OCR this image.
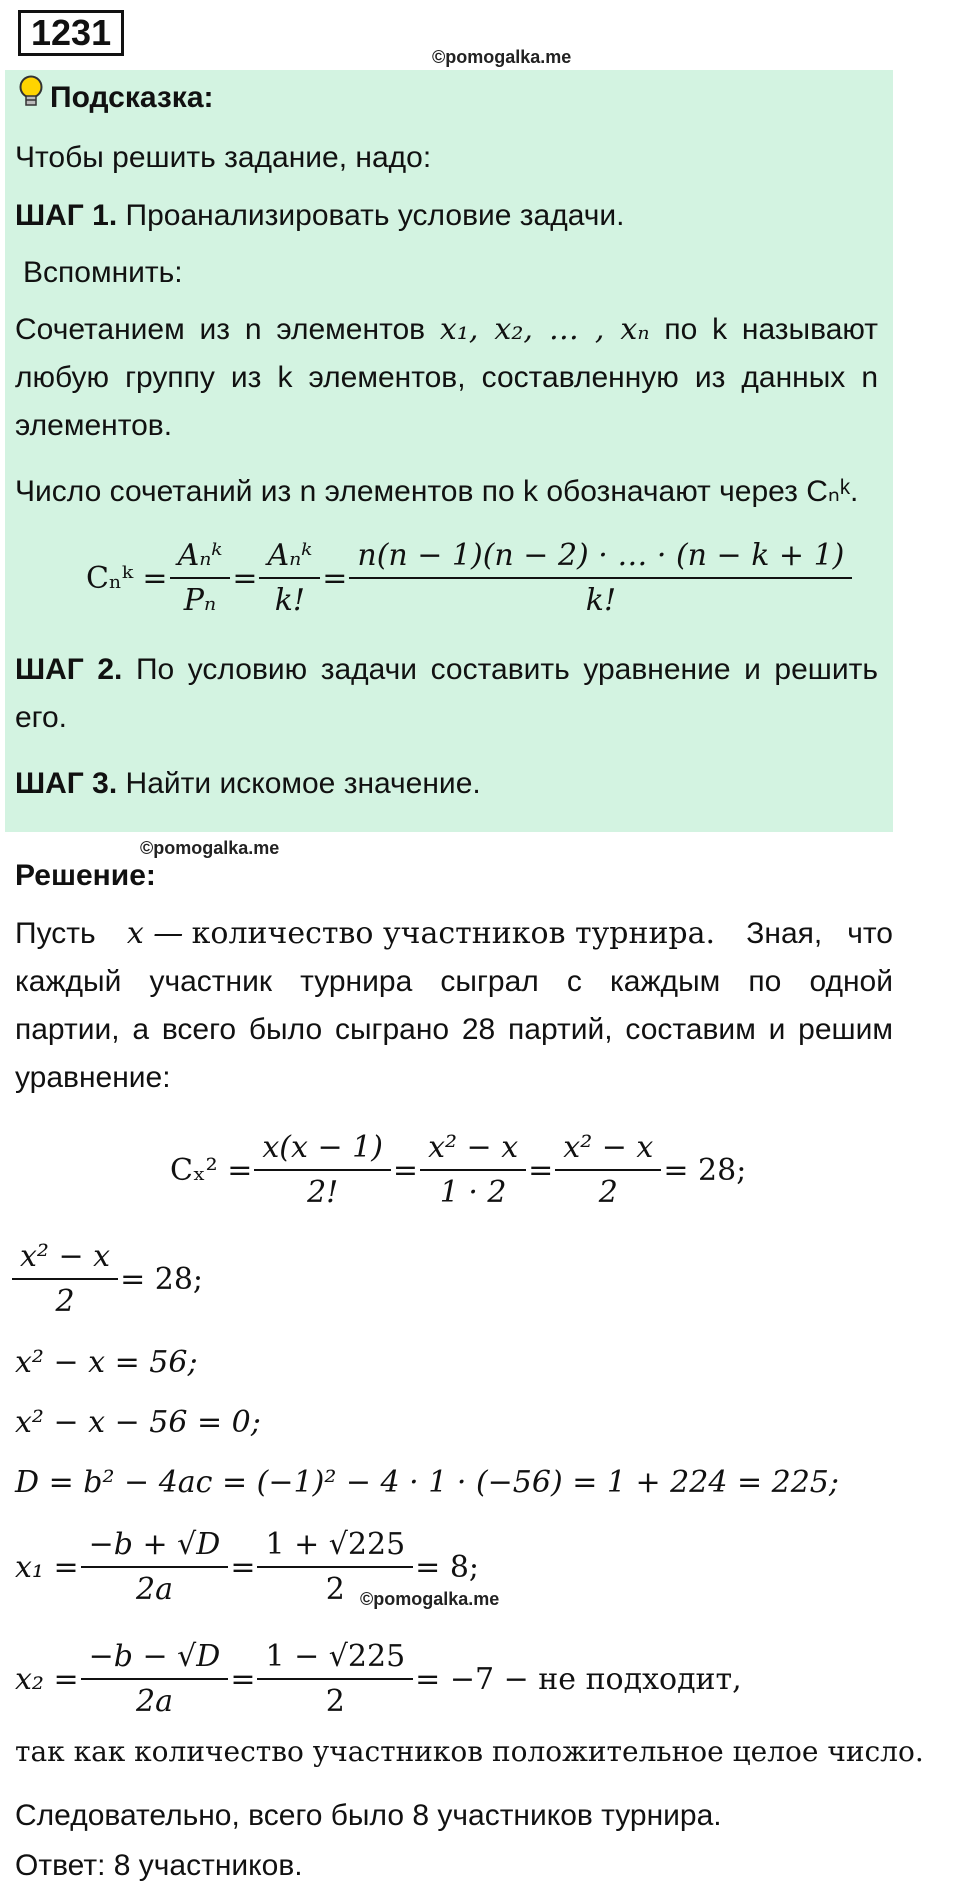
1231
©pomogalka.me
Подсказка:
Чтобы решить задание, надо:
ШАГ 1. Проанализировать условие задачи.
Вспомнить:
Сочетанием из n элементов x₁, x₂, … , xₙ по k называют
любую группу из k элементов, составленную из данных n
элементов.
Число сочетаний из n элементов по k обозначают через Cₙᵏ.
Cₙᵏ = $\frac{\text{Aₙᵏ}}{\text{Pₙ}} = \frac{\text{Aₙᵏ}}{k!} = \frac{n(n - 1)(n - 2) \cdot \dots \cdot (n - k + 1)}{k!}$
ШАГ 2. По условию задачи составить уравнение и решить
его.
ШАГ 3. Найти искомое значение.
©pomogalka.me
Решение:
Пусть x — количество участников турнира. Зная,   что
каждый участник турнира сыграл с каждым по одной
партии, а всего было сыграно 28 партий, составим и решим
уравнение:
$C_x^2 = \frac{x(x - 1)}{2!} = \frac{\text{x² − x}}{1 \cdot 2} = \frac{\text{x² − x}}{2} = 28$;
$\frac{\text{x² − x}}{2} = 28$;
x² − x = 56;
x² − x − 56 = 0;
D = b² − 4ac = (−1)² − 4 · 1 · (−56) = 1 + 224 = 225;
$x_1 = \frac{-b + √D}{2a} = \frac{1 + √225}{2} = 8$;
©pomogalka.me
$x_2 = \frac{-b - √D}{2a} = \frac{1 - √225}{2} = -7$ − не подходит,
так как количество участников положительное целое число.
Следовательно, всего было 8 участников турнира.
Ответ: 8 участников.
